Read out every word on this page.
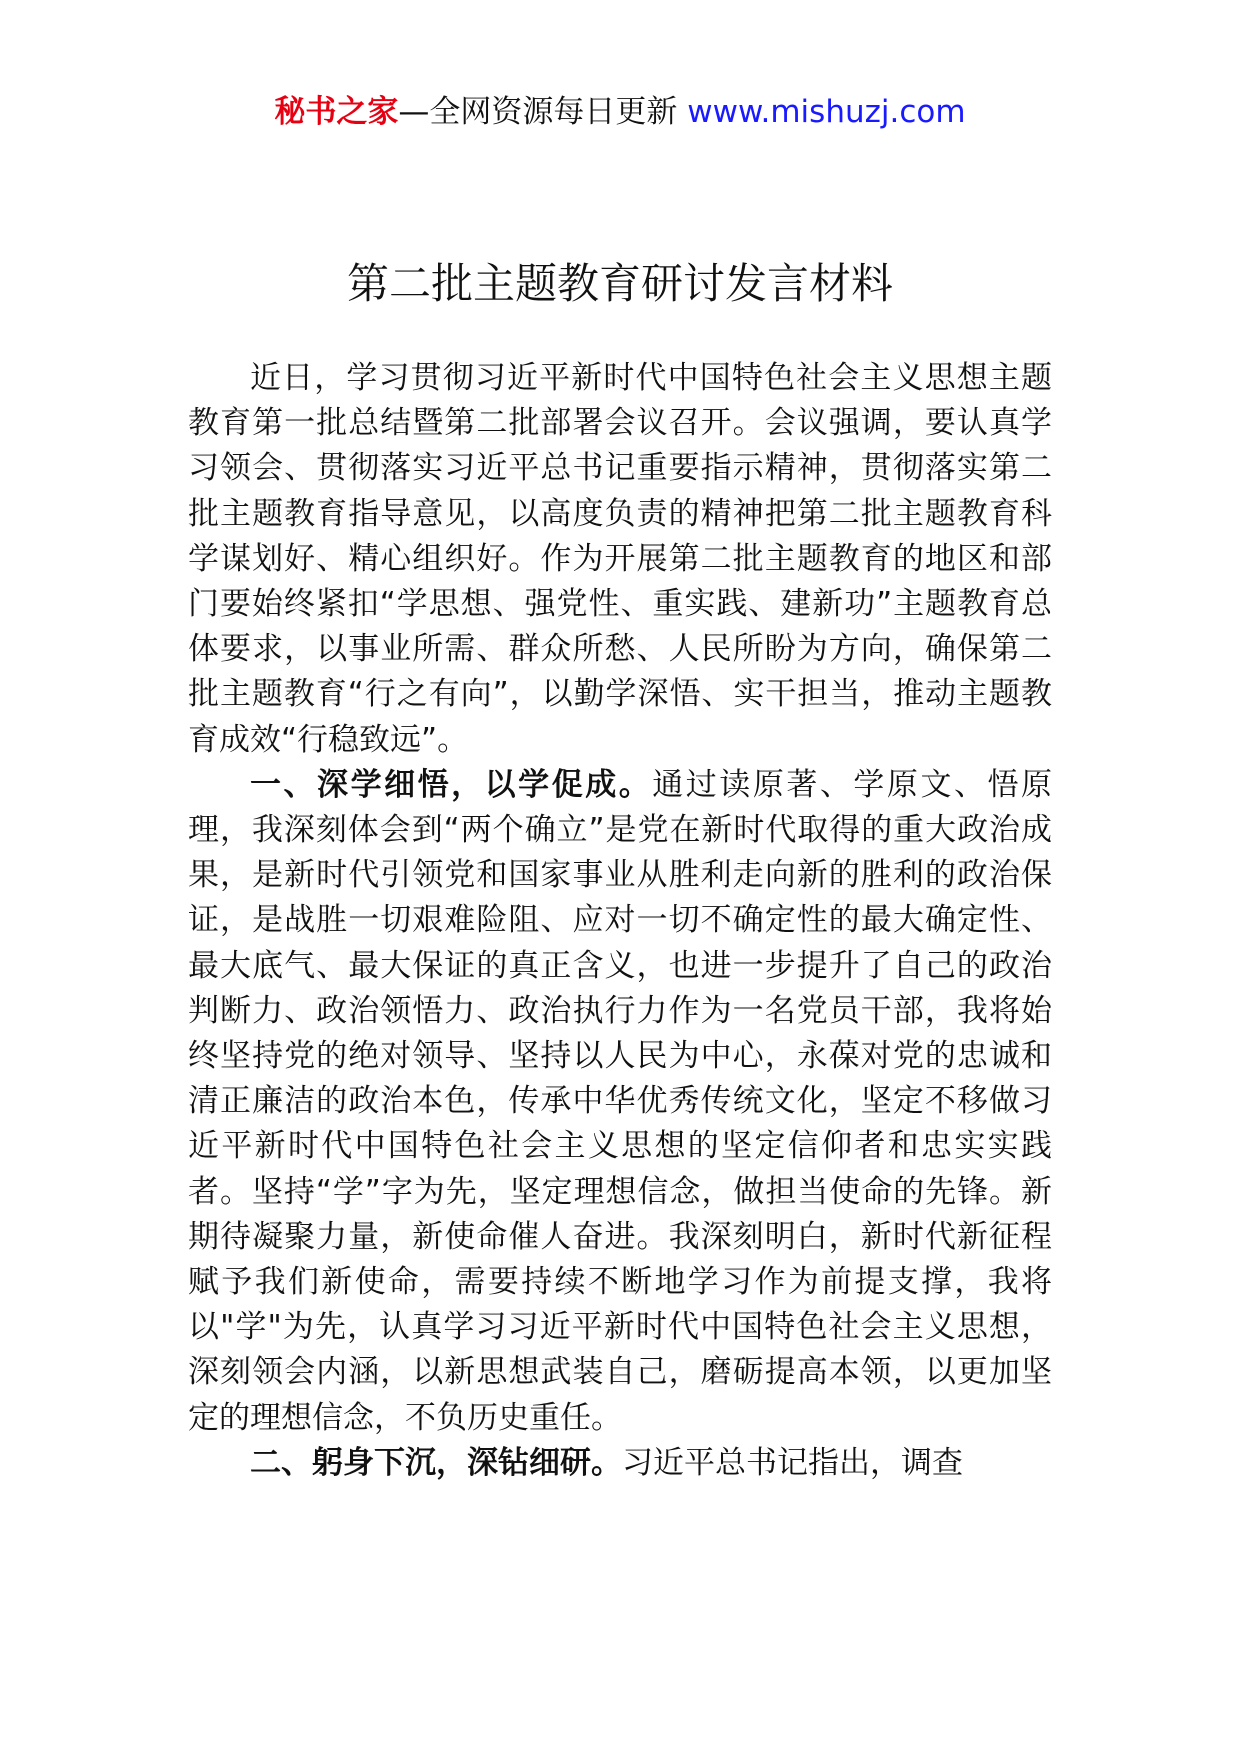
秘书之家—全网资源每日更新 www.mishuzj.com
第二批主题教育研讨发言材料

近日，学习贯彻习近平新时代中国特色社会主义思想主题教育第一批总结暨第二批部署会议召开。会议强调，要认真学习领会、贯彻落实习近平总书记重要指示精神，贯彻落实第二批主题教育指导意见，以高度负责的精神把第二批主题教育科学谋划好、精心组织好。作为开展第二批主题教育的地区和部门要始终紧扣“学思想、强党性、重实践、建新功”主题教育总体要求，以事业所需、群众所愁、人民所盼为方向，确保第二批主题教育“行之有向”，以勤学深悟、实干担当，推动主题教育成效“行稳致远”。

一、深学细悟，以学促成。通过读原著、学原文、悟原理，我深刻体会到“两个确立”是党在新时代取得的重大政治成果，是新时代引领党和国家事业从胜利走向新的胜利的政治保证，是战胜一切艰难险阻、应对一切不确定性的最大确定性、最大底气、最大保证的真正含义，也进一步提升了自己的政治判断力、政治领悟力、政治执行力作为一名党员干部，我将始终坚持党的绝对领导、坚持以人民为中心，永葆对党的忠诚和清正廉洁的政治本色，传承中华优秀传统文化，坚定不移做习近平新时代中国特色社会主义思想的坚定信仰者和忠实实践者。坚持“学”字为先，坚定理想信念，做担当使命的先锋。新期待凝聚力量，新使命催人奋进。我深刻明白，新时代新征程赋予我们新使命，需要持续不断地学习作为前提支撑，我将以"学"为先，认真学习习近平新时代中国特色社会主义思想，深刻领会内涵，以新思想武装自己，磨砺提高本领，以更加坚定的理想信念，不负历史重任。

二、躬身下沉，深钻细研。习近平总书记指出，调查
